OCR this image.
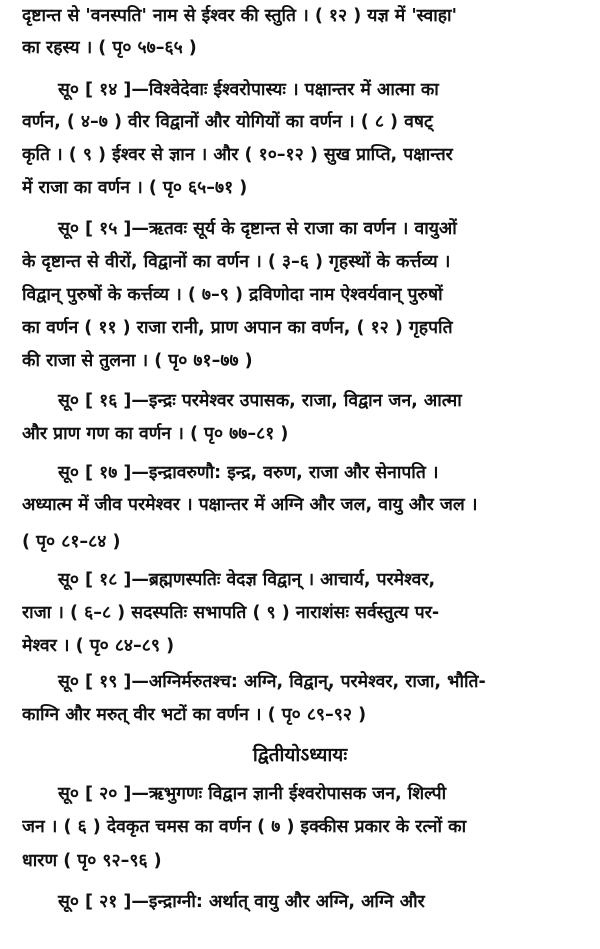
दृष्टान्त से 'वनस्पति' नाम से ईश्वर की स्तुति । ( १२ ) यज्ञ में 'स्वाहा'
का रहस्य । ( पृ० ५७–६५ )
सू० [ १४ ]—विश्वेदेवाः ईश्वरोपास्यः । पक्षान्तर में आत्मा का
वर्णन, ( ४–७ ) वीर विद्वानों और योगियों का वर्णन । ( ८ ) वषट्
कृति । ( ९ ) ईश्वर से ज्ञान । और ( १०–१२ ) सुख प्राप्ति, पक्षान्तर
में राजा का वर्णन । ( पृ० ६५–७१ )
सू० [ १५ ]—ऋतवः सूर्य के दृष्टान्त से राजा का वर्णन । वायुओं
के दृष्टान्त से वीरों, विद्वानों का वर्णन । ( ३–६ ) गृहस्थों के कर्त्तव्य ।
विद्वान् पुरुषों के कर्त्तव्य । ( ७–९ ) द्रविणोदा नाम ऐश्वर्यवान् पुरुषों
का वर्णन ( ११ ) राजा रानी, प्राण अपान का वर्णन, ( १२ ) गृहपति
की राजा से तुलना । ( पृ० ७१–७७ )
सू० [ १६ ]—इन्द्रः परमेश्वर उपासक, राजा, विद्वान जन, आत्मा
और प्राण गण का वर्णन । ( पृ० ७७–८१ )
सू० [ १७ ]—इन्द्रावरुणौ: इन्द्र, वरुण, राजा और सेनापति ।
अध्यात्म में जीव परमेश्वर । पक्षान्तर में अग्नि और जल, वायु और जल ।
( पृ० ८१–८४ )
सू० [ १८ ]—ब्रह्मणस्पतिः वेदज्ञ विद्वान् । आचार्य, परमेश्वर,
राजा । ( ६–८ ) सदस्पतिः सभापति ( ९ ) नाराशंसः सर्वस्तुत्य पर-
मेश्वर । ( पृ० ८४–८९ )
सू० [ १९ ]—अग्निर्मरुतश्च: अग्नि, विद्वान्, परमेश्वर, राजा, भौति-
काग्नि और मरुत् वीर भटों का वर्णन । ( पृ० ८९–९२ )
द्वितीयोऽध्यायः
सू० [ २० ]—ऋभुगणः विद्वान ज्ञानी ईश्वरोपासक जन, शिल्पी
जन । ( ६ ) देवकृत चमस का वर्णन ( ७ ) इक्कीस प्रकार के रत्नों का
धारण ( पृ० ९२–९६ )
सू० [ २१ ]—इन्द्राग्नी: अर्थात् वायु और अग्नि, अग्नि और
